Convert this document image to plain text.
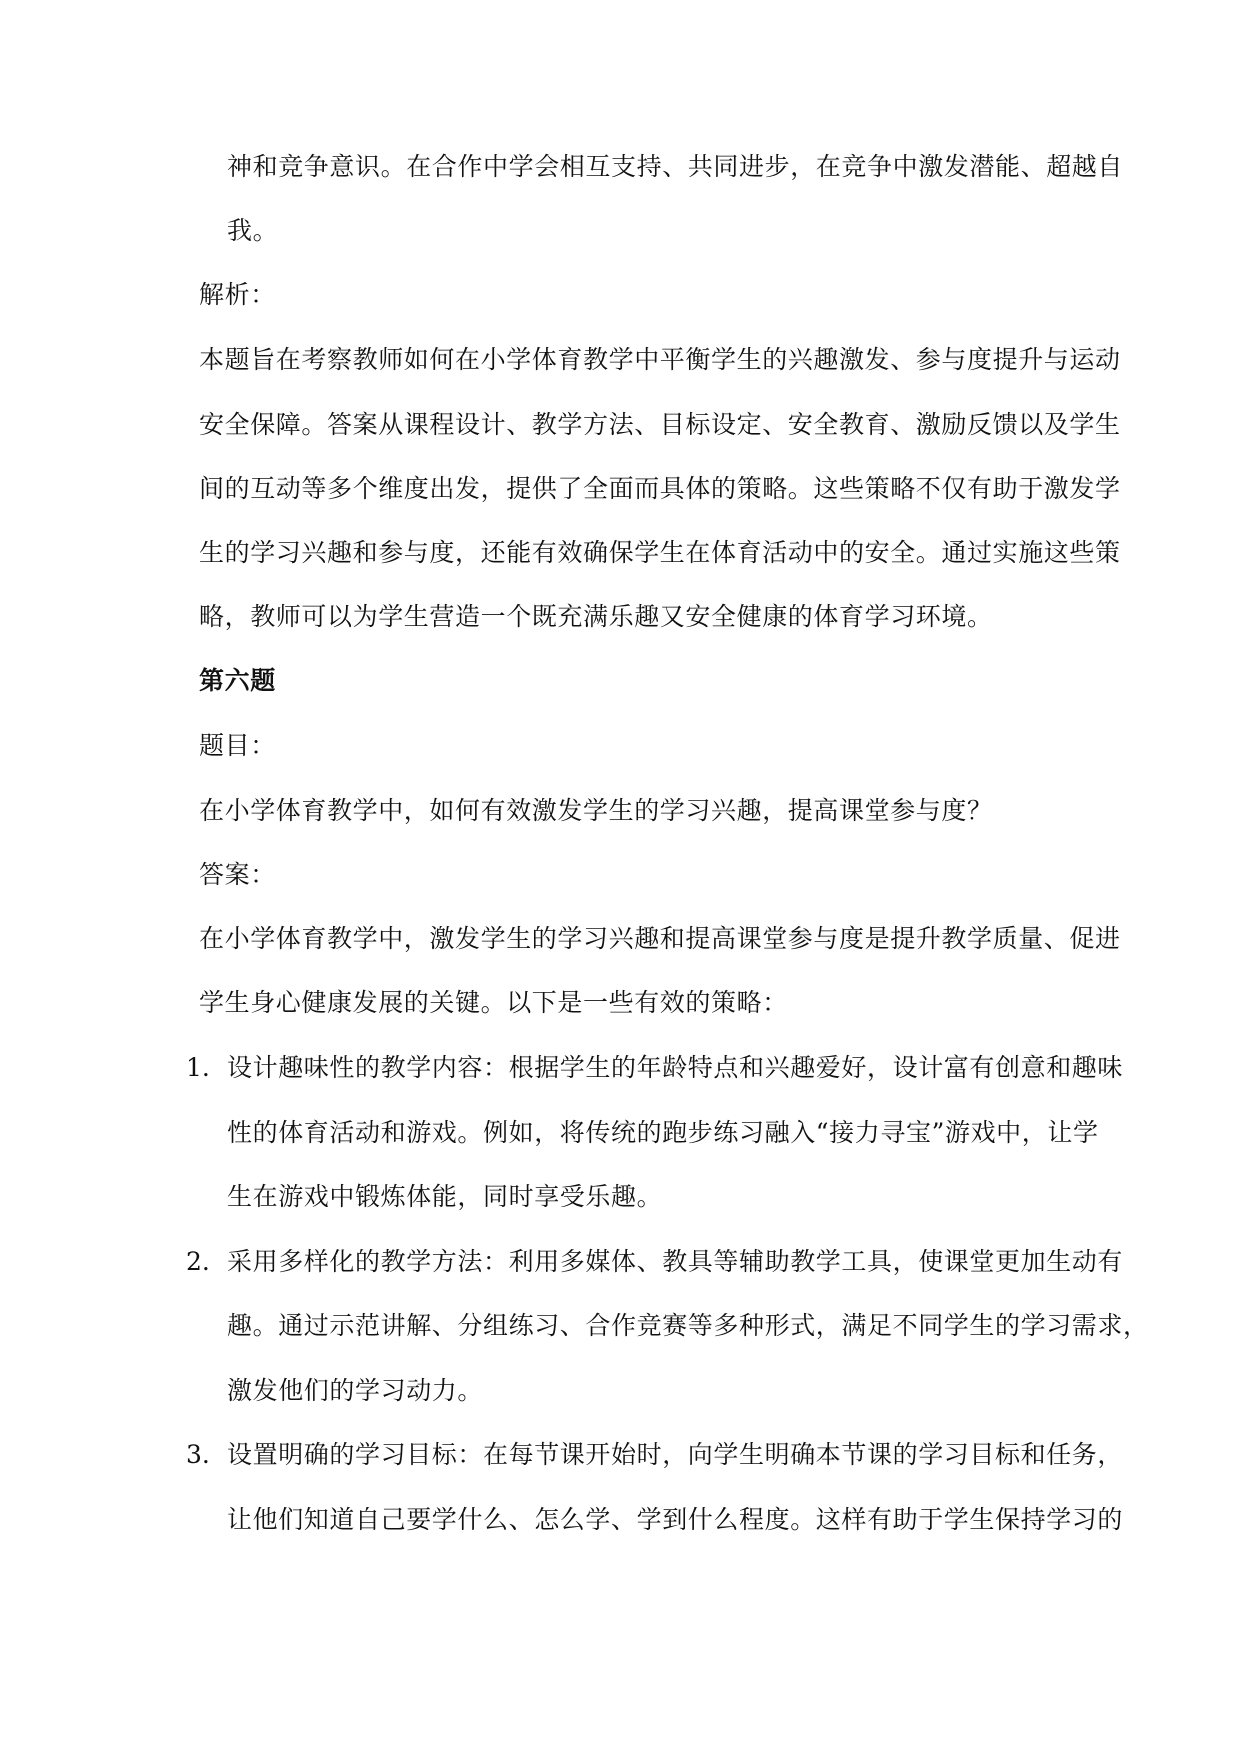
神和竞争意识。在合作中学会相互支持、共同进步，在竞争中激发潜能、超越自
我。
解析：
本题旨在考察教师如何在小学体育教学中平衡学生的兴趣激发、参与度提升与运动
安全保障。答案从课程设计、教学方法、目标设定、安全教育、激励反馈以及学生
间的互动等多个维度出发，提供了全面而具体的策略。这些策略不仅有助于激发学
生的学习兴趣和参与度，还能有效确保学生在体育活动中的安全。通过实施这些策
略，教师可以为学生营造一个既充满乐趣又安全健康的体育学习环境。
第六题
题目：
在小学体育教学中，如何有效激发学生的学习兴趣，提高课堂参与度？
答案：
在小学体育教学中，激发学生的学习兴趣和提高课堂参与度是提升教学质量、促进
学生身心健康发展的关键。以下是一些有效的策略：
1. 设计趣味性的教学内容：根据学生的年龄特点和兴趣爱好，设计富有创意和趣味
性的体育活动和游戏。例如，将传统的跑步练习融入“接力寻宝”游戏中，让学
生在游戏中锻炼体能，同时享受乐趣。
2. 采用多样化的教学方法：利用多媒体、教具等辅助教学工具，使课堂更加生动有
趣。通过示范讲解、分组练习、合作竞赛等多种形式，满足不同学生的学习需求，
激发他们的学习动力。
3. 设置明确的学习目标：在每节课开始时，向学生明确本节课的学习目标和任务，
让他们知道自己要学什么、怎么学、学到什么程度。这样有助于学生保持学习的
